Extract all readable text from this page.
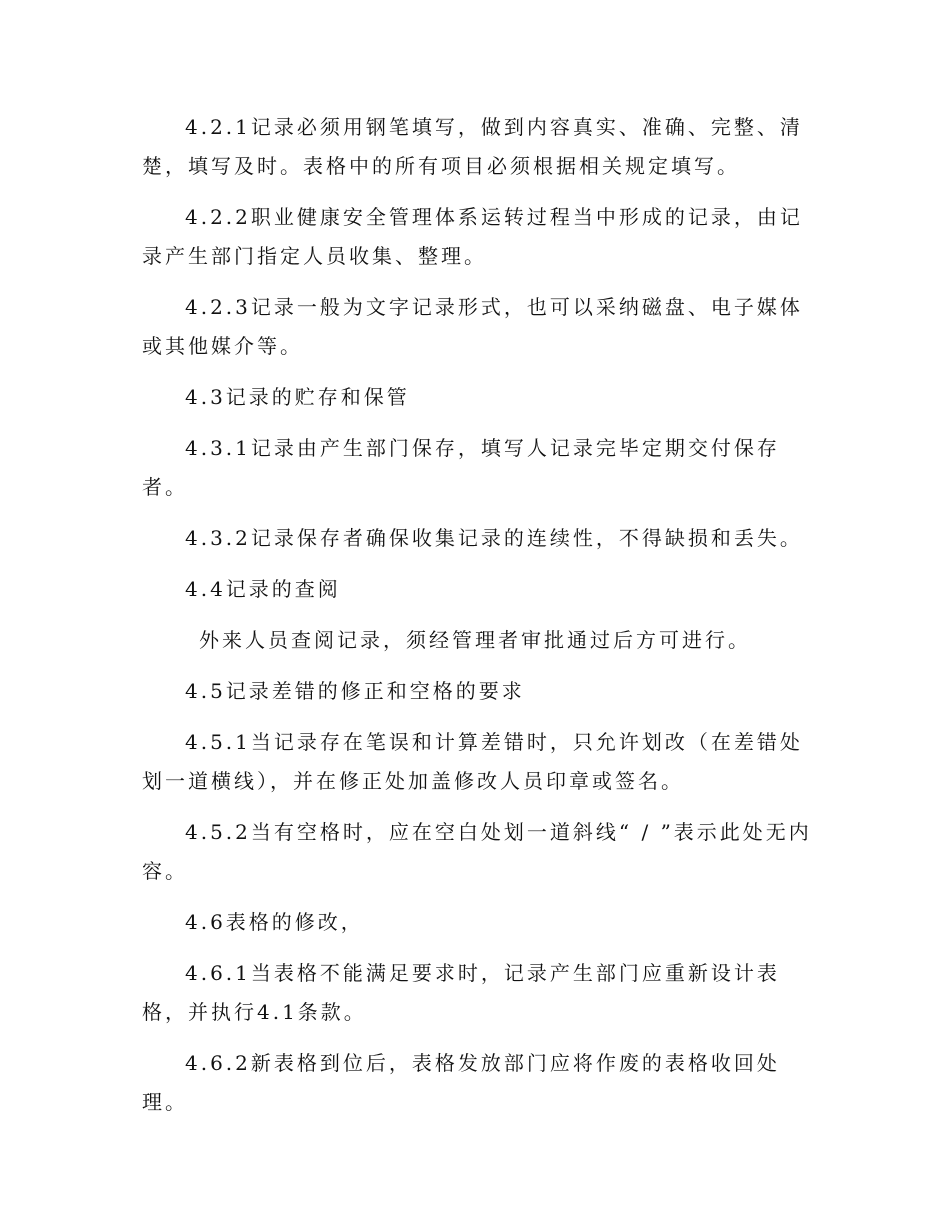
4.2.1记录必须用钢笔填写，做到内容真实、准确、完整、清楚，填写及时。表格中的所有项目必须根据相关规定填写。

4.2.2职业健康安全管理体系运转过程当中形成的记录，由记录产生部门指定人员收集、整理。

4.2.3记录一般为文字记录形式，也可以采纳磁盘、电子媒体或其他媒介等。

4.3记录的贮存和保管

4.3.1记录由产生部门保存，填写人记录完毕定期交付保存者。

4.3.2记录保存者确保收集记录的连续性，不得缺损和丢失。

4.4记录的查阅

外来人员查阅记录，须经管理者审批通过后方可进行。

4.5记录差错的修正和空格的要求

4.5.1当记录存在笔误和计算差错时，只允许划改（在差错处划一道横线），并在修正处加盖修改人员印章或签名。

4.5.2当有空格时，应在空白处划一道斜线“ / ”表示此处无内容。

4.6表格的修改，

4.6.1当表格不能满足要求时，记录产生部门应重新设计表格，并执行4.1条款。

4.6.2新表格到位后，表格发放部门应将作废的表格收回处理。
